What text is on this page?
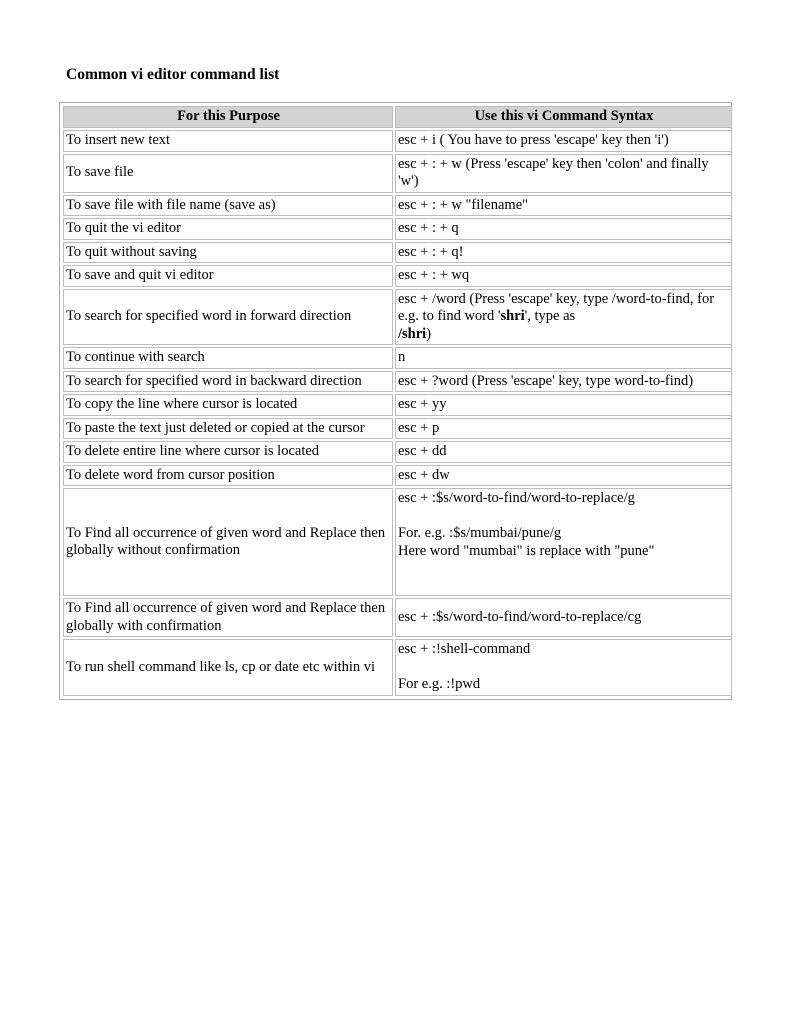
Common vi editor command list
For this Purpose	Use this vi Command Syntax
To insert new text	esc + i ( You have to press 'escape' key then 'i')
To save file	esc + : + w (Press 'escape' key then 'colon' and finally 'w')
To save file with file name (save as)	esc + : + w "filename"
To quit the vi editor	esc + : + q
To quit without saving	esc + : + q!
To save and quit vi editor	esc + : + wq
To search for specified word in forward direction	esc + /word (Press 'escape' key, type /word-to-find, for e.g. to find word 'shri', type as
/shri)
To continue with search	n
To search for specified word in backward direction	esc + ?word (Press 'escape' key, type word-to-find)
To copy the line where cursor is located	esc + yy
To paste the text just deleted or copied at the cursor	esc + p
To delete entire line where cursor is located	esc + dd
To delete word from cursor position	esc + dw
To Find all occurrence of given word and Replace then globally without confirmation	esc + :$s/word-to-find/word-to-replace/g
For. e.g. :$s/mumbai/pune/g
Here word "mumbai" is replace with "pune"
To Find all occurrence of given word and Replace then globally with confirmation	esc + :$s/word-to-find/word-to-replace/cg
To run shell command like ls, cp or date etc within vi	esc + :!shell-command
For e.g. :!pwd
